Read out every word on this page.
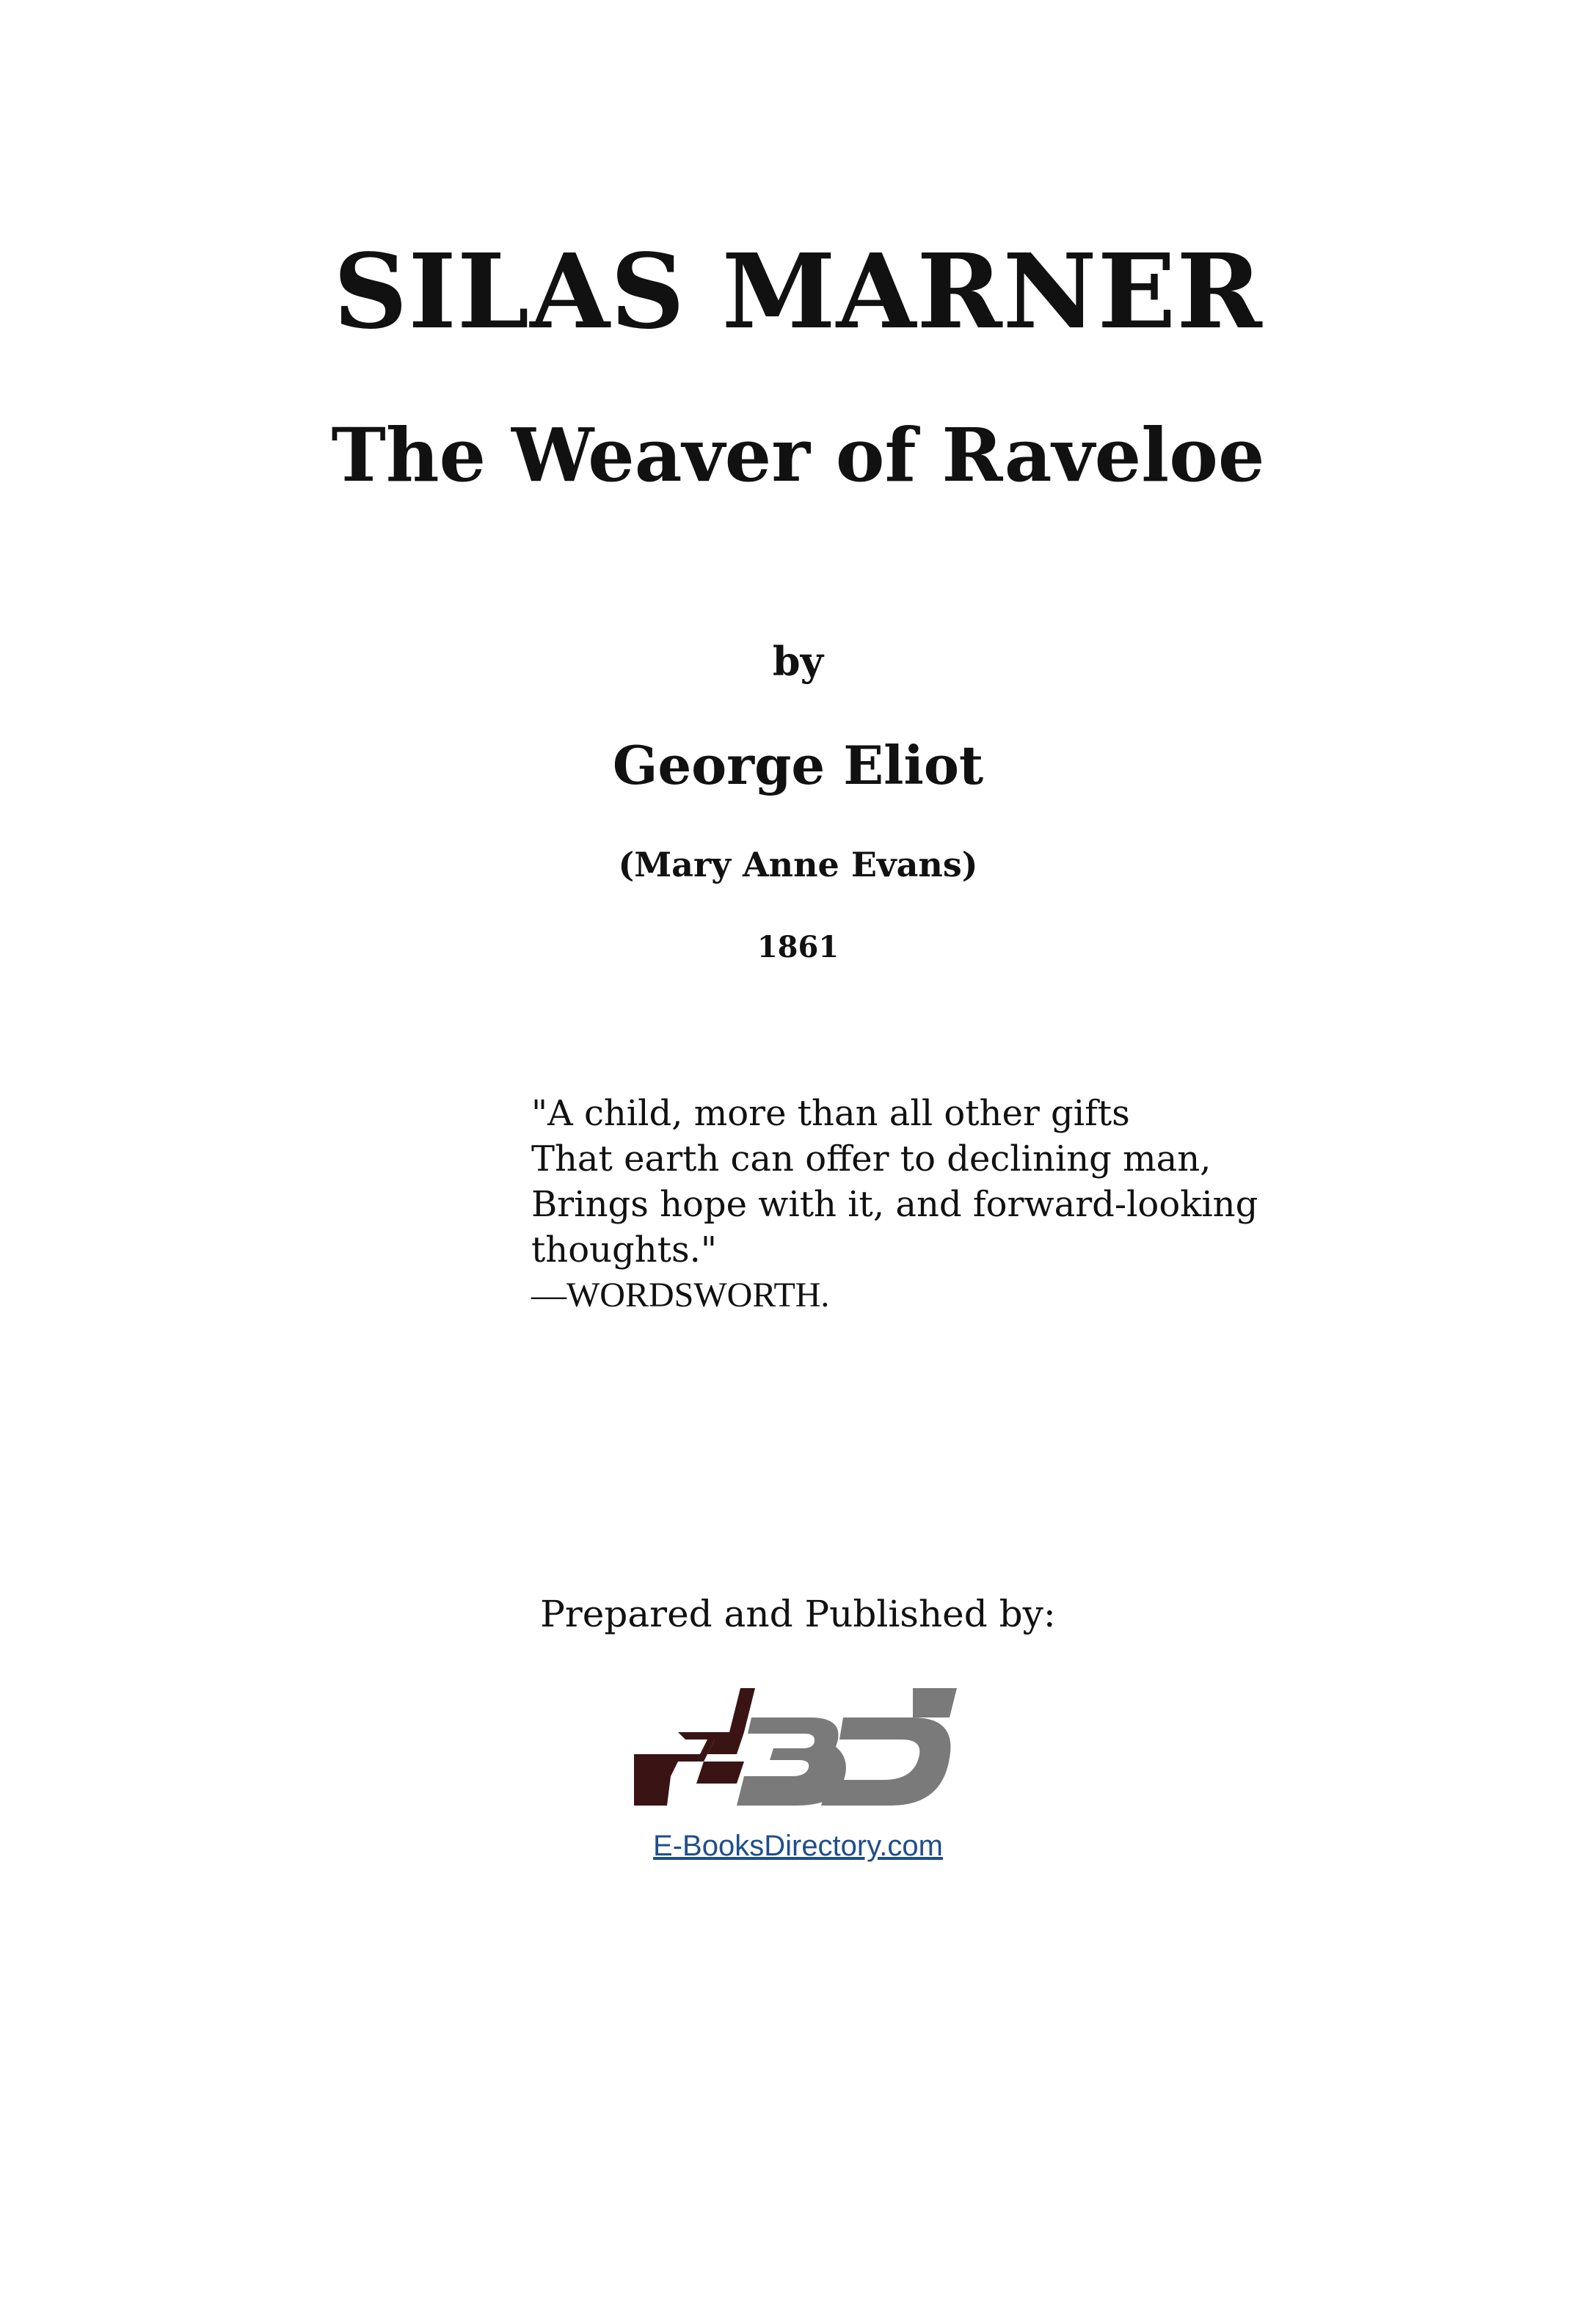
SILAS MARNER
The Weaver of Raveloe
by
George Eliot
(Mary Anne Evans)
1861
"A child, more than all other gifts
That earth can offer to declining man,
Brings hope with it, and forward-looking
thoughts."
—WORDSWORTH.
Prepared and Published by:
E-BooksDirectory.com
